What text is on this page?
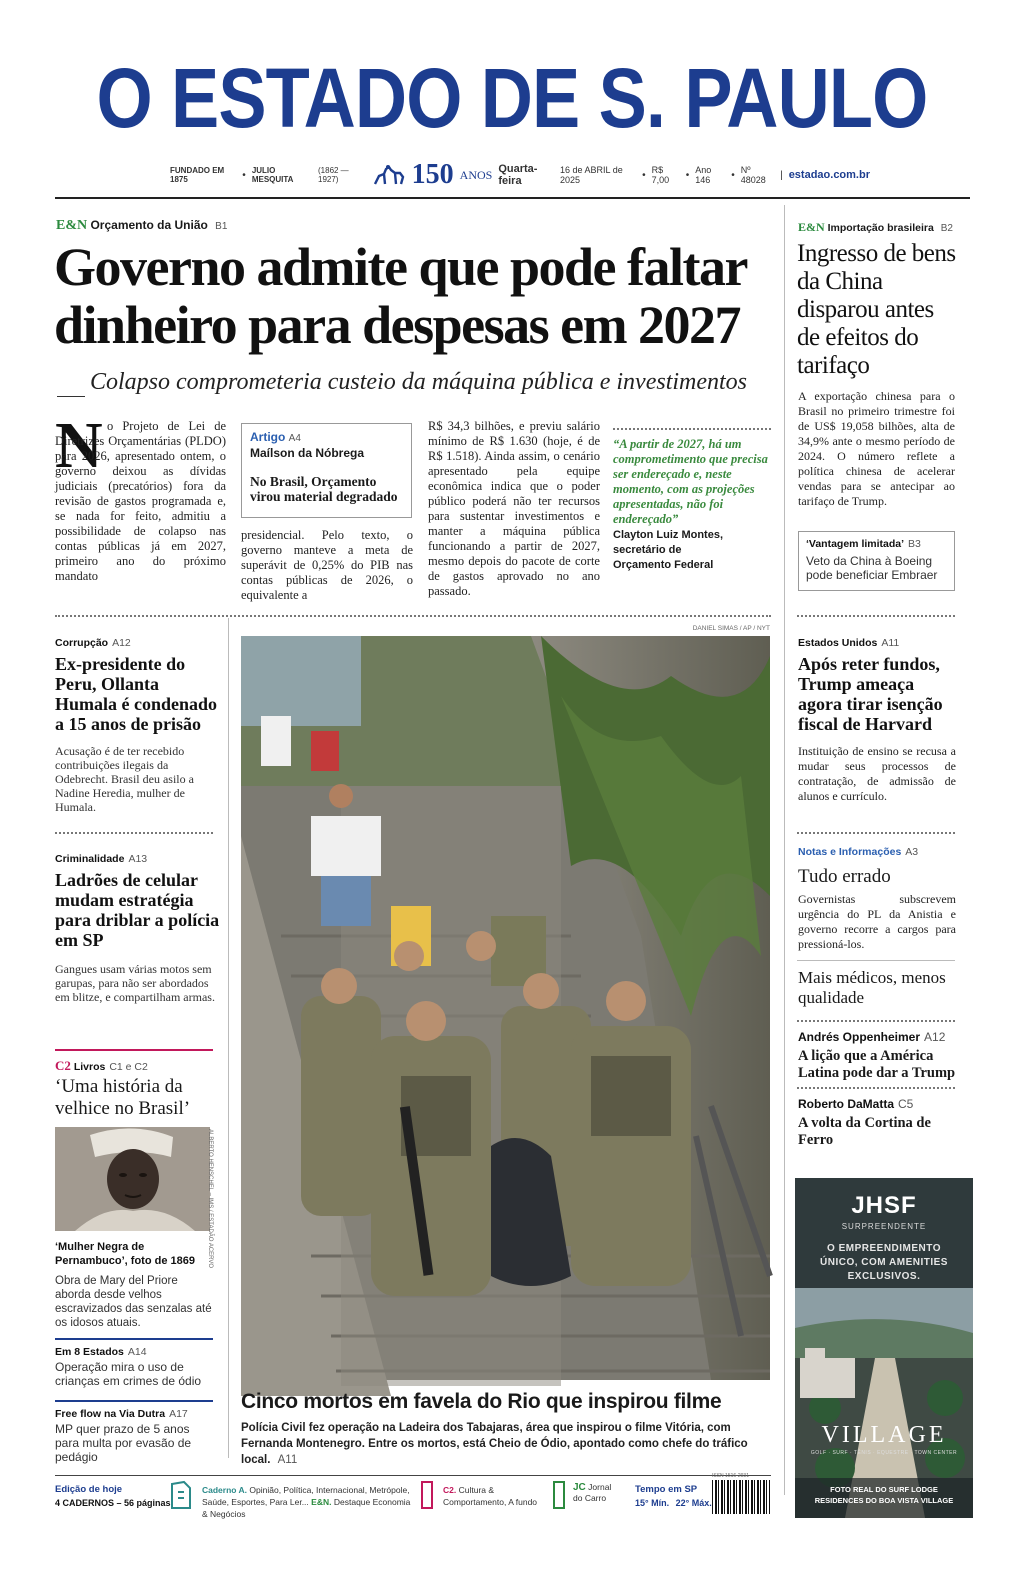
O ESTADO DE S. PAULO
FUNDADO EM 1875	• JULIO MESQUITA
(1862 — 1927)	150 ANOS Quarta-feira
16 de ABRIL de 2025	• R$ 7,00	• Ano 146	• Nº 48028	| estadao.com.br
E&N Orçamento da União B1
Governo admite que pode faltar
dinheiro para despesas em 2027
Colapso comprometeria custeio da máquina pública e investimentos
N o Projeto de Lei de Diretrizes Orçamentárias (PLDO) para 2026, apresentado ontem, o governo deixou as dívidas judiciais (precatórios) fora da revisão de gastos programada e, se nada for feito, admitiu a possibilidade de colapso nas contas públicas já em 2027, primeiro ano do próximo mandato
Artigo A4
Maílson da Nóbrega
No Brasil, Orçamento virou material degradado
presidencial. Pelo texto, o governo manteve a meta de superávit de 0,25% do PIB nas contas públicas de 2026, o equivalente a
R$ 34,3 bilhões, e previu salário mínimo de R$ 1.630 (hoje, é de R$ 1.518). Ainda assim, o cenário apresentado pela equipe econômica indica que o poder público poderá não ter recursos para sustentar investimentos e manter a máquina pública funcionando a partir de 2027, mesmo depois do pacote de corte de gastos aprovado no ano passado.
“A partir de 2027, há um comprometimento que precisa ser endereçado e, neste momento, com as projeções apresentadas, não foi endereçado”
Clayton Luiz Montes,
secretário de
Orçamento Federal
E&N Importação brasileira B2
Ingresso de bens da China disparou antes de efeitos do tarifaço
A exportação chinesa para o Brasil no primeiro trimestre foi de US$ 19,058 bilhões, alta de 34,9% ante o mesmo período de 2024. O número reflete a política chinesa de acelerar vendas para se antecipar ao tarifaço de Trump.
‘Vantagem limitada’ B3
Veto da China à Boeing pode beneficiar Embraer
Corrupção A12
Ex-presidente do Peru, Ollanta Humala é condenado a 15 anos de prisão
Acusação é de ter recebido contribuições ilegais da Odebrecht. Brasil deu asilo a Nadine Heredia, mulher de Humala.
Criminalidade A13
Ladrões de celular mudam estratégia para driblar a polícia em SP
Gangues usam várias motos sem garupas, para não ser abordados em blitze, e compartilham armas.
C2 Livros C1 e C2
‘Uma história da velhice no Brasil’
ALBERTO HENSCHEL – IMS / ESTADÃO ACERVO
‘Mulher Negra de Pernambuco’, foto de 1869
Obra de Mary del Priore aborda desde velhos escravizados das senzalas até os idosos atuais.
Em 8 Estados A14
Operação mira o uso de crianças em crimes de ódio
Free flow na Via Dutra A17
MP quer prazo de 5 anos para multa por evasão de pedágio
DANIEL SIMAS / AP / NYT
Cinco mortos em favela do Rio que inspirou filme
Polícia Civil fez operação na Ladeira dos Tabajaras, área que inspirou o filme Vitória, com Fernanda Montenegro. Entre os mortos, está Cheio de Ódio, apontado como chefe do tráfico local. A11
Estados Unidos A11
Após reter fundos, Trump ameaça agora tirar isenção fiscal de Harvard
Instituição de ensino se recusa a mudar seus processos de contratação, de admissão de alunos e currículo.
Notas e Informações A3
Tudo errado
Governistas subscrevem urgência do PL da Anistia e governo recorre a cargos para pressioná-los.
Mais médicos, menos qualidade
Andrés Oppenheimer A12
A lição que a América Latina pode dar a Trump
Roberto DaMatta C5
A volta da Cortina de Ferro
JHSF
SURPREENDENTE
O EMPREENDIMENTO ÚNICO, COM AMENITIES EXCLUSIVOS.
VILLAGE
GOLF · SURF · TÊNIS · EQUESTRE · TOWN CENTER
FOTO REAL DO SURF LODGE RESIDENCES DO BOA VISTA VILLAGE
Edição de hoje
4 CADERNOS – 56 páginas
Caderno A. Opinião, Política, Internacional, Metrópole, Saúde, Esportes, Para Ler... E&N. Destaque Economia & Negócios
C2. Cultura & Comportamento, A fundo
JC Jornal do Carro
Tempo em SP
15° Mín. 22° Máx.
ISSN 1516-2931
